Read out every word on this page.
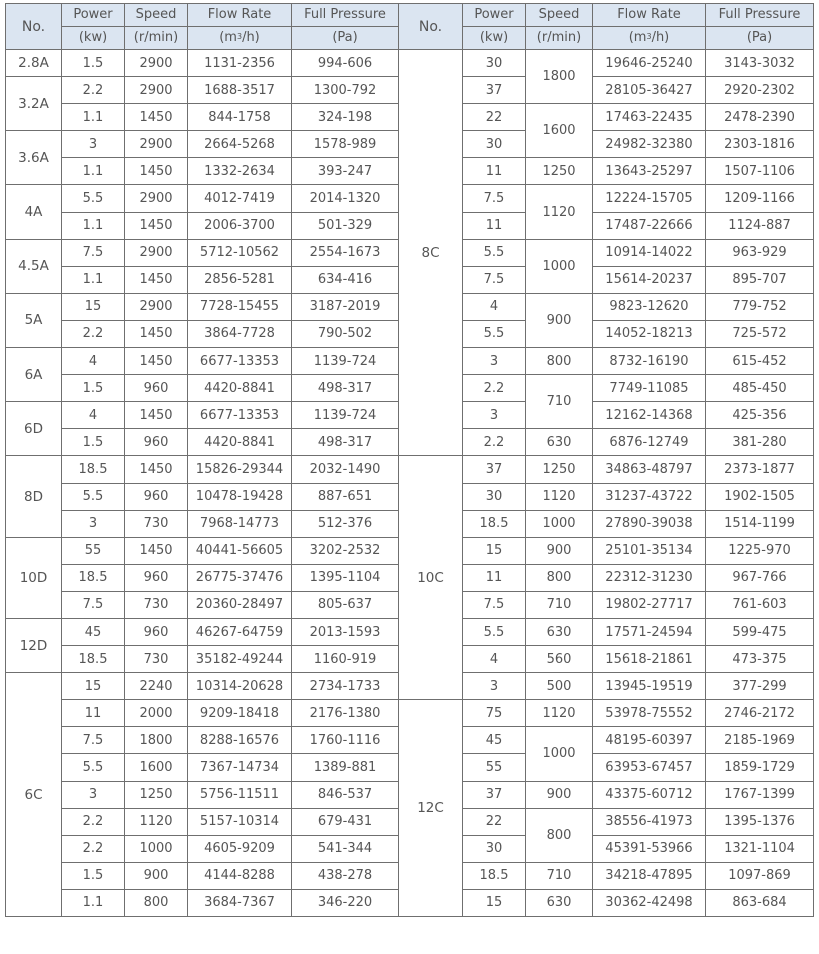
No.	Power	Speed	Flow Rate	Full Pressure	No.	Power	Speed	Flow Rate	Full Pressure
	(kw)	(r/min)	$(m^3/h)$	(Pa)		(kw)	(r/min)	$(m^3/h)$	(Pa)
2.8A	1.5	2900	1131-2356	994-606	8C	30	1800	19646-25240	3143-3032
3.2A	2.2	2900	1688-3517	1300-792		37		28105-36427	2920-2302
	1.1	1450	844-1758	324-198		22	1600	17463-22435	2478-2390
3.6A	3	2900	2664-5268	1578-989		30		24982-32380	2303-1816
	1.1	1450	1332-2634	393-247		11	1250	13643-25297	1507-1106
4A	5.5	2900	4012-7419	2014-1320		7.5	1120	12224-15705	1209-1166
	1.1	1450	2006-3700	501-329		11		17487-22666	1124-887
4.5A	7.5	2900	5712-10562	2554-1673		5.5	1000	10914-14022	963-929
	1.1	1450	2856-5281	634-416		7.5		15614-20237	895-707
5A	15	2900	7728-15455	3187-2019		4	900	9823-12620	779-752
	2.2	1450	3864-7728	790-502		5.5		14052-18213	725-572
6A	4	1450	6677-13353	1139-724		3	800	8732-16190	615-452
	1.5	960	4420-8841	498-317		2.2	710	7749-11085	485-450
6D	4	1450	6677-13353	1139-724		3		12162-14368	425-356
	1.5	960	4420-8841	498-317		2.2	630	6876-12749	381-280
8D	18.5	1450	15826-29344	2032-1490	10C	37	1250	34863-48797	2373-1877
	5.5	960	10478-19428	887-651		30	1120	31237-43722	1902-1505
	3	730	7968-14773	512-376		18.5	1000	27890-39038	1514-1199
10D	55	1450	40441-56605	3202-2532		15	900	25101-35134	1225-970
	18.5	960	26775-37476	1395-1104		11	800	22312-31230	967-766
	7.5	730	20360-28497	805-637		7.5	710	19802-27717	761-603
12D	45	960	46267-64759	2013-1593		5.5	630	17571-24594	599-475
	18.5	730	35182-49244	1160-919		4	560	15618-21861	473-375
6C	15	2240	10314-20628	2734-1733		3	500	13945-19519	377-299
	11	2000	9209-18418	2176-1380	12C	75	1120	53978-75552	2746-2172
	7.5	1800	8288-16576	1760-1116		45	1000	48195-60397	2185-1969
	5.5	1600	7367-14734	1389-881		55		63953-67457	1859-1729
	3	1250	5756-11511	846-537		37	900	43375-60712	1767-1399
	2.2	1120	5157-10314	679-431		22	800	38556-41973	1395-1376
	2.2	1000	4605-9209	541-344		30		45391-53966	1321-1104
	1.5	900	4144-8288	438-278		18.5	710	34218-47895	1097-869
	1.1	800	3684-7367	346-220		15	630	30362-42498	863-684
